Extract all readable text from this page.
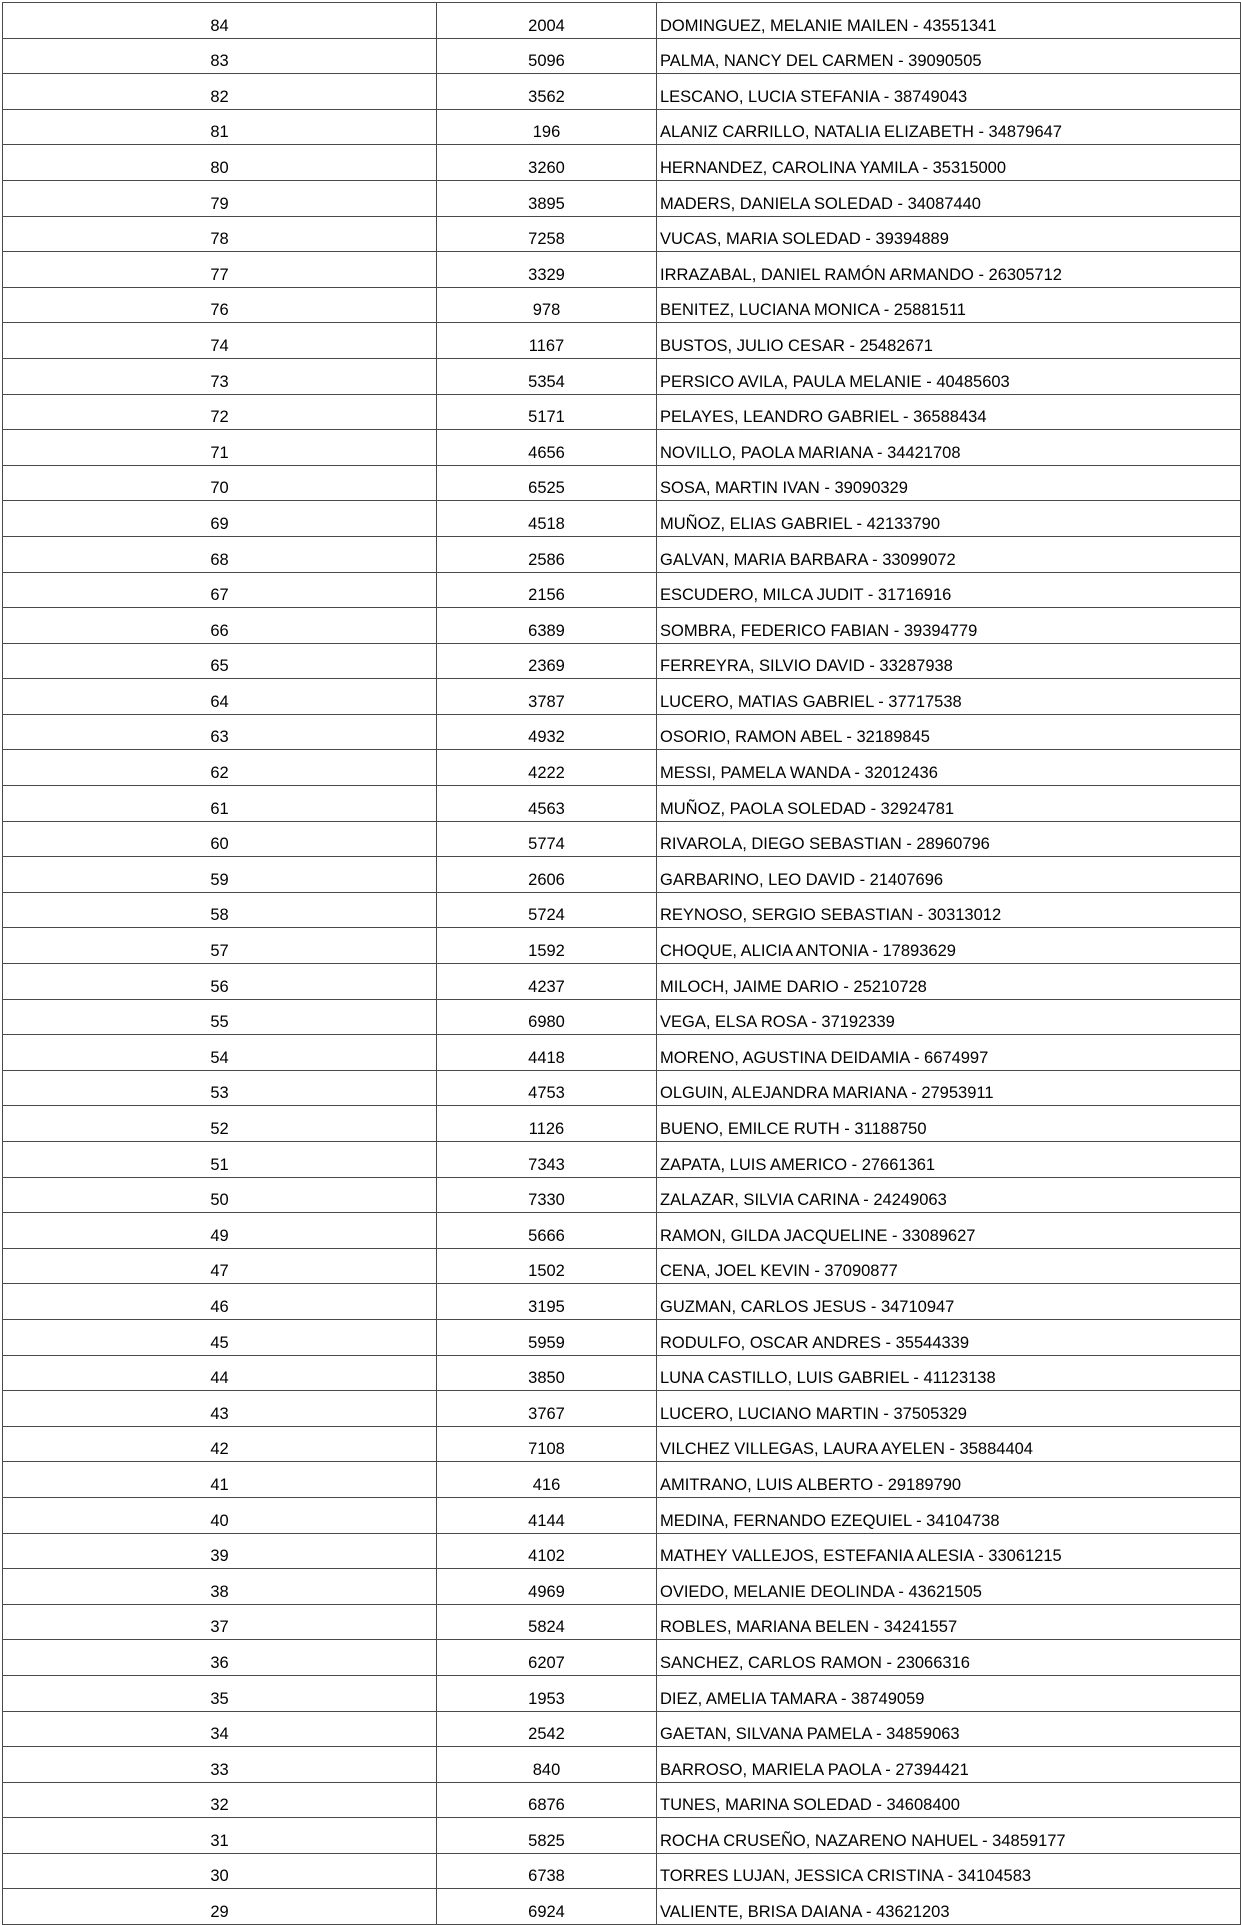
84	2004	DOMINGUEZ, MELANIE MAILEN - 43551341
83	5096	PALMA, NANCY DEL CARMEN - 39090505
82	3562	LESCANO, LUCIA STEFANIA - 38749043
81	196	ALANIZ CARRILLO, NATALIA ELIZABETH - 34879647
80	3260	HERNANDEZ, CAROLINA YAMILA - 35315000
79	3895	MADERS, DANIELA SOLEDAD - 34087440
78	7258	VUCAS, MARIA SOLEDAD - 39394889
77	3329	IRRAZABAL, DANIEL RAMÓN ARMANDO - 26305712
76	978	BENITEZ, LUCIANA MONICA - 25881511
74	1167	BUSTOS, JULIO CESAR - 25482671
73	5354	PERSICO AVILA, PAULA MELANIE - 40485603
72	5171	PELAYES, LEANDRO GABRIEL - 36588434
71	4656	NOVILLO, PAOLA MARIANA - 34421708
70	6525	SOSA, MARTIN IVAN - 39090329
69	4518	MUÑOZ, ELIAS GABRIEL - 42133790
68	2586	GALVAN, MARIA BARBARA - 33099072
67	2156	ESCUDERO, MILCA JUDIT - 31716916
66	6389	SOMBRA, FEDERICO FABIAN - 39394779
65	2369	FERREYRA, SILVIO DAVID - 33287938
64	3787	LUCERO, MATIAS GABRIEL - 37717538
63	4932	OSORIO, RAMON ABEL - 32189845
62	4222	MESSI, PAMELA WANDA - 32012436
61	4563	MUÑOZ, PAOLA SOLEDAD - 32924781
60	5774	RIVAROLA, DIEGO SEBASTIAN - 28960796
59	2606	GARBARINO, LEO DAVID - 21407696
58	5724	REYNOSO, SERGIO SEBASTIAN - 30313012
57	1592	CHOQUE, ALICIA ANTONIA - 17893629
56	4237	MILOCH, JAIME DARIO - 25210728
55	6980	VEGA, ELSA ROSA - 37192339
54	4418	MORENO, AGUSTINA DEIDAMIA - 6674997
53	4753	OLGUIN, ALEJANDRA MARIANA - 27953911
52	1126	BUENO, EMILCE RUTH - 31188750
51	7343	ZAPATA, LUIS AMERICO - 27661361
50	7330	ZALAZAR, SILVIA CARINA - 24249063
49	5666	RAMON, GILDA JACQUELINE - 33089627
47	1502	CENA, JOEL KEVIN - 37090877
46	3195	GUZMAN, CARLOS JESUS - 34710947
45	5959	RODULFO, OSCAR ANDRES - 35544339
44	3850	LUNA CASTILLO, LUIS GABRIEL - 41123138
43	3767	LUCERO, LUCIANO MARTIN - 37505329
42	7108	VILCHEZ VILLEGAS, LAURA AYELEN - 35884404
41	416	AMITRANO, LUIS ALBERTO - 29189790
40	4144	MEDINA, FERNANDO EZEQUIEL - 34104738
39	4102	MATHEY VALLEJOS, ESTEFANIA ALESIA - 33061215
38	4969	OVIEDO, MELANIE DEOLINDA - 43621505
37	5824	ROBLES, MARIANA BELEN - 34241557
36	6207	SANCHEZ, CARLOS RAMON - 23066316
35	1953	DIEZ, AMELIA TAMARA - 38749059
34	2542	GAETAN, SILVANA PAMELA - 34859063
33	840	BARROSO, MARIELA PAOLA - 27394421
32	6876	TUNES, MARINA SOLEDAD - 34608400
31	5825	ROCHA CRUSEÑO, NAZARENO NAHUEL - 34859177
30	6738	TORRES LUJAN, JESSICA CRISTINA - 34104583
29	6924	VALIENTE, BRISA DAIANA - 43621203
